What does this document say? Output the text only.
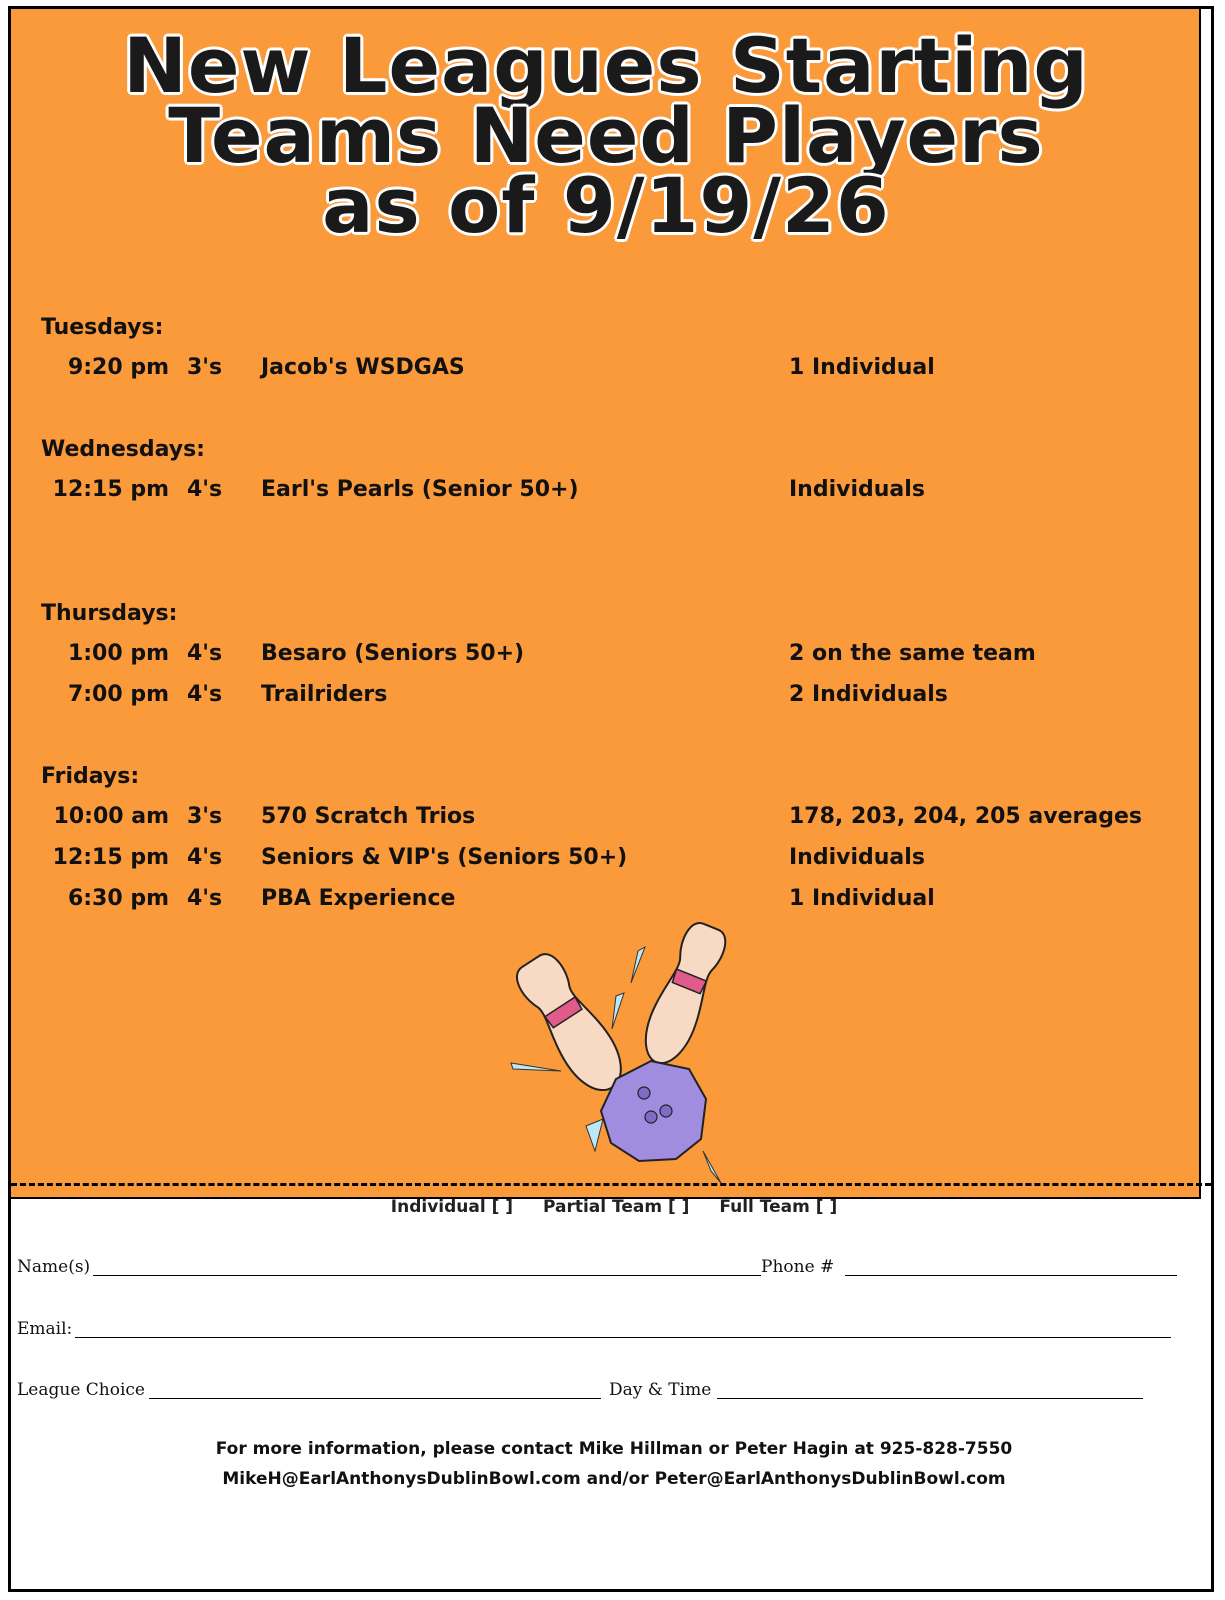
New Leagues Starting
Teams Need Players
as of 9/19/26
Tuesdays:
9:20 pm 3's Jacob's WSDGAS	1 Individual
Wednesdays:
12:15 pm 4's Earl's Pearls (Senior 50+)	Individuals
Thursdays:
1:00 pm 4's Besaro (Seniors 50+)	2 on the same team
7:00 pm 4's Trailriders	2 Individuals
Fridays:
10:00 am 3's 570 Scratch Trios	178, 203, 204, 205 averages
12:15 pm 4's Seniors & VIP's (Seniors 50+)	Individuals
6:30 pm 4's PBA Experience	1 Individual
Individual [ ] Partial Team [ ] Full Team [ ]
Name(s)	Phone #
Email:
League Choice	Day & Time
For more information, please contact Mike Hillman or Peter Hagin at 925-828-7550
MikeH@EarlAnthonysDublinBowl.com and/or Peter@EarlAnthonysDublinBowl.com
